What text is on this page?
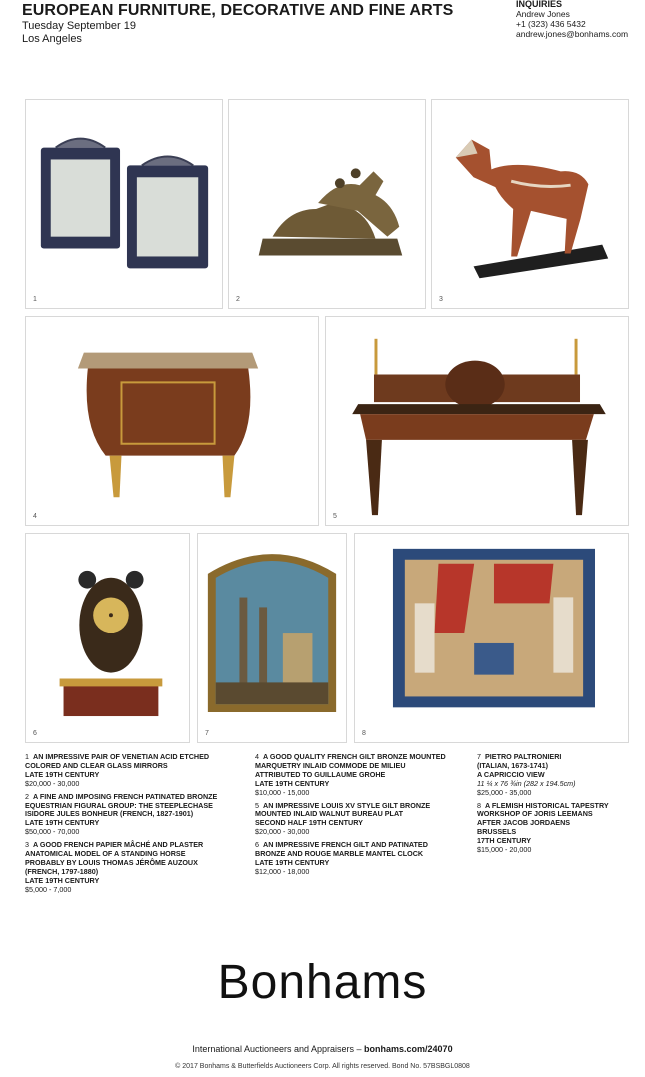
EUROPEAN FURNITURE, DECORATIVE AND FINE ARTS
Tuesday September 19
Los Angeles
INQUIRIES
Andrew Jones
+1 (323) 436 5432
andrew.jones@bonhams.com
1	2	3
4	5
6	7	8
1 AN IMPRESSIVE PAIR OF VENETIAN ACID ETCHED COLORED AND CLEAR GLASS MIRRORS
LATE 19TH CENTURY
$20,000 - 30,000
2 A FINE AND IMPOSING FRENCH PATINATED BRONZE EQUESTRIAN FIGURAL GROUP: THE STEEPLECHASE
ISIDORE JULES BONHEUR (FRENCH, 1827-1901)
LATE 19TH CENTURY
$50,000 - 70,000
3 A GOOD FRENCH PAPIER MÂCHÉ AND PLASTER ANATOMICAL MODEL OF A STANDING HORSE
PROBABLY BY LOUIS THOMAS JÉRÔME AUZOUX (FRENCH, 1797-1880)
LATE 19TH CENTURY
$5,000 - 7,000
4 A GOOD QUALITY FRENCH GILT BRONZE MOUNTED MARQUETRY INLAID COMMODE DE MILIEU
ATTRIBUTED TO GUILLAUME GROHE
LATE 19TH CENTURY
$10,000 - 15,000
5 AN IMPRESSIVE LOUIS XV STYLE GILT BRONZE MOUNTED INLAID WALNUT BUREAU PLAT
SECOND HALF 19TH CENTURY
$20,000 - 30,000
6 AN IMPRESSIVE FRENCH GILT AND PATINATED BRONZE AND ROUGE MARBLE MANTEL CLOCK
LATE 19TH CENTURY
$12,000 - 18,000
7 PIETRO PALTRONIERI
(ITALIAN, 1673-1741)
A CAPRICCIO VIEW
11 ¼ x 76 ¾in (282 x 194.5cm)
$25,000 - 35,000
8 A FLEMISH HISTORICAL TAPESTRY
WORKSHOP OF JORIS LEEMANS
AFTER JACOB JORDAENS
BRUSSELS
17TH CENTURY
$15,000 - 20,000
Bonhams
International Auctioneers and Appraisers – bonhams.com/24070
© 2017 Bonhams & Butterfields Auctioneers Corp. All rights reserved. Bond No. 57BSBGL0808
